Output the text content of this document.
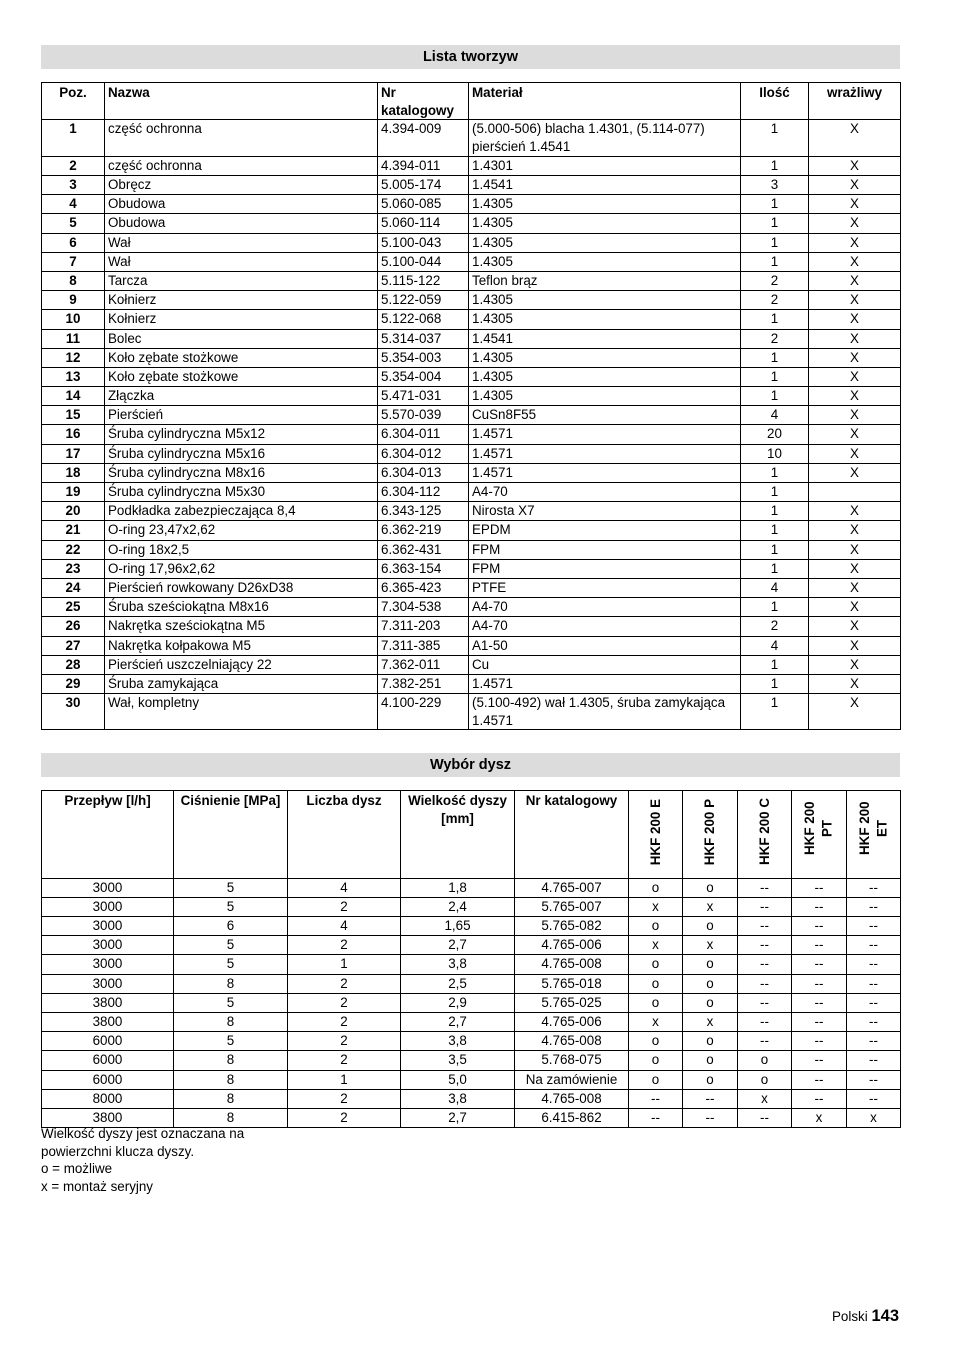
Lista tworzyw
Poz.	Nazwa	Nr katalogowy	Materiał	Ilość	wrażliwy
1	część ochronna	4.394-009	(5.000-506) blacha 1.4301, (5.114-077) pierścień 1.4541	1	X
2	część ochronna	4.394-011	1.4301	1	X
3	Obręcz	5.005-174	1.4541	3	X
4	Obudowa	5.060-085	1.4305	1	X
5	Obudowa	5.060-114	1.4305	1	X
6	Wał	5.100-043	1.4305	1	X
7	Wał	5.100-044	1.4305	1	X
8	Tarcza	5.115-122	Teflon brąz	2	X
9	Kołnierz	5.122-059	1.4305	2	X
10	Kołnierz	5.122-068	1.4305	1	X
11	Bolec	5.314-037	1.4541	2	X
12	Koło zębate stożkowe	5.354-003	1.4305	1	X
13	Koło zębate stożkowe	5.354-004	1.4305	1	X
14	Złączka	5.471-031	1.4305	1	X
15	Pierścień	5.570-039	CuSn8F55	4	X
16	Śruba cylindryczna M5x12	6.304-011	1.4571	20	X
17	Śruba cylindryczna M5x16	6.304-012	1.4571	10	X
18	Śruba cylindryczna M8x16	6.304-013	1.4571	1	X
19	Śruba cylindryczna M5x30	6.304-112	A4-70	1	
20	Podkładka zabezpieczająca 8,4	6.343-125	Nirosta X7	1	X
21	O-ring 23,47x2,62	6.362-219	EPDM	1	X
22	O-ring 18x2,5	6.362-431	FPM	1	X
23	O-ring 17,96x2,62	6.363-154	FPM	1	X
24	Pierścień rowkowany D26xD38	6.365-423	PTFE	4	X
25	Śruba sześciokątna M8x16	7.304-538	A4-70	1	X
26	Nakrętka sześciokątna M5	7.311-203	A4-70	2	X
27	Nakrętka kołpakowa M5	7.311-385	A1-50	4	X
28	Pierścień uszczelniający 22	7.362-011	Cu	1	X
29	Śruba zamykająca	7.382-251	1.4571	1	X
30	Wał, kompletny	4.100-229	(5.100-492) wał 1.4305, śruba zamykająca 1.4571	1	X
Wybór dysz
Przepływ [l/h]	Ciśnienie [MPa]	Liczba dysz	Wielkość dyszy [mm]	Nr katalogowy	HKF 200 E	HKF 200 P	HKF 200 C	HKF 200 PT	HKF 200 ET
3000	5	4	1,8	4.765-007	o	o	--	--	--
3000	5	2	2,4	5.765-007	x	x	--	--	--
3000	6	4	1,65	5.765-082	o	o	--	--	--
3000	5	2	2,7	4.765-006	x	x	--	--	--
3000	5	1	3,8	4.765-008	o	o	--	--	--
3000	8	2	2,5	5.765-018	o	o	--	--	--
3800	5	2	2,9	5.765-025	o	o	--	--	--
3800	8	2	2,7	4.765-006	x	x	--	--	--
6000	5	2	3,8	4.765-008	o	o	--	--	--
6000	8	2	3,5	5.768-075	o	o	o	--	--
6000	8	1	5,0	Na zamówienie	o	o	o	--	--
8000	8	2	3,8	4.765-008	--	--	x	--	--
3800	8	2	2,7	6.415-862	--	--	--	x	x
Wielkość dyszy jest oznaczana na
powierzchni klucza dyszy.
o = możliwe
x = montaż seryjny
Polski 143
